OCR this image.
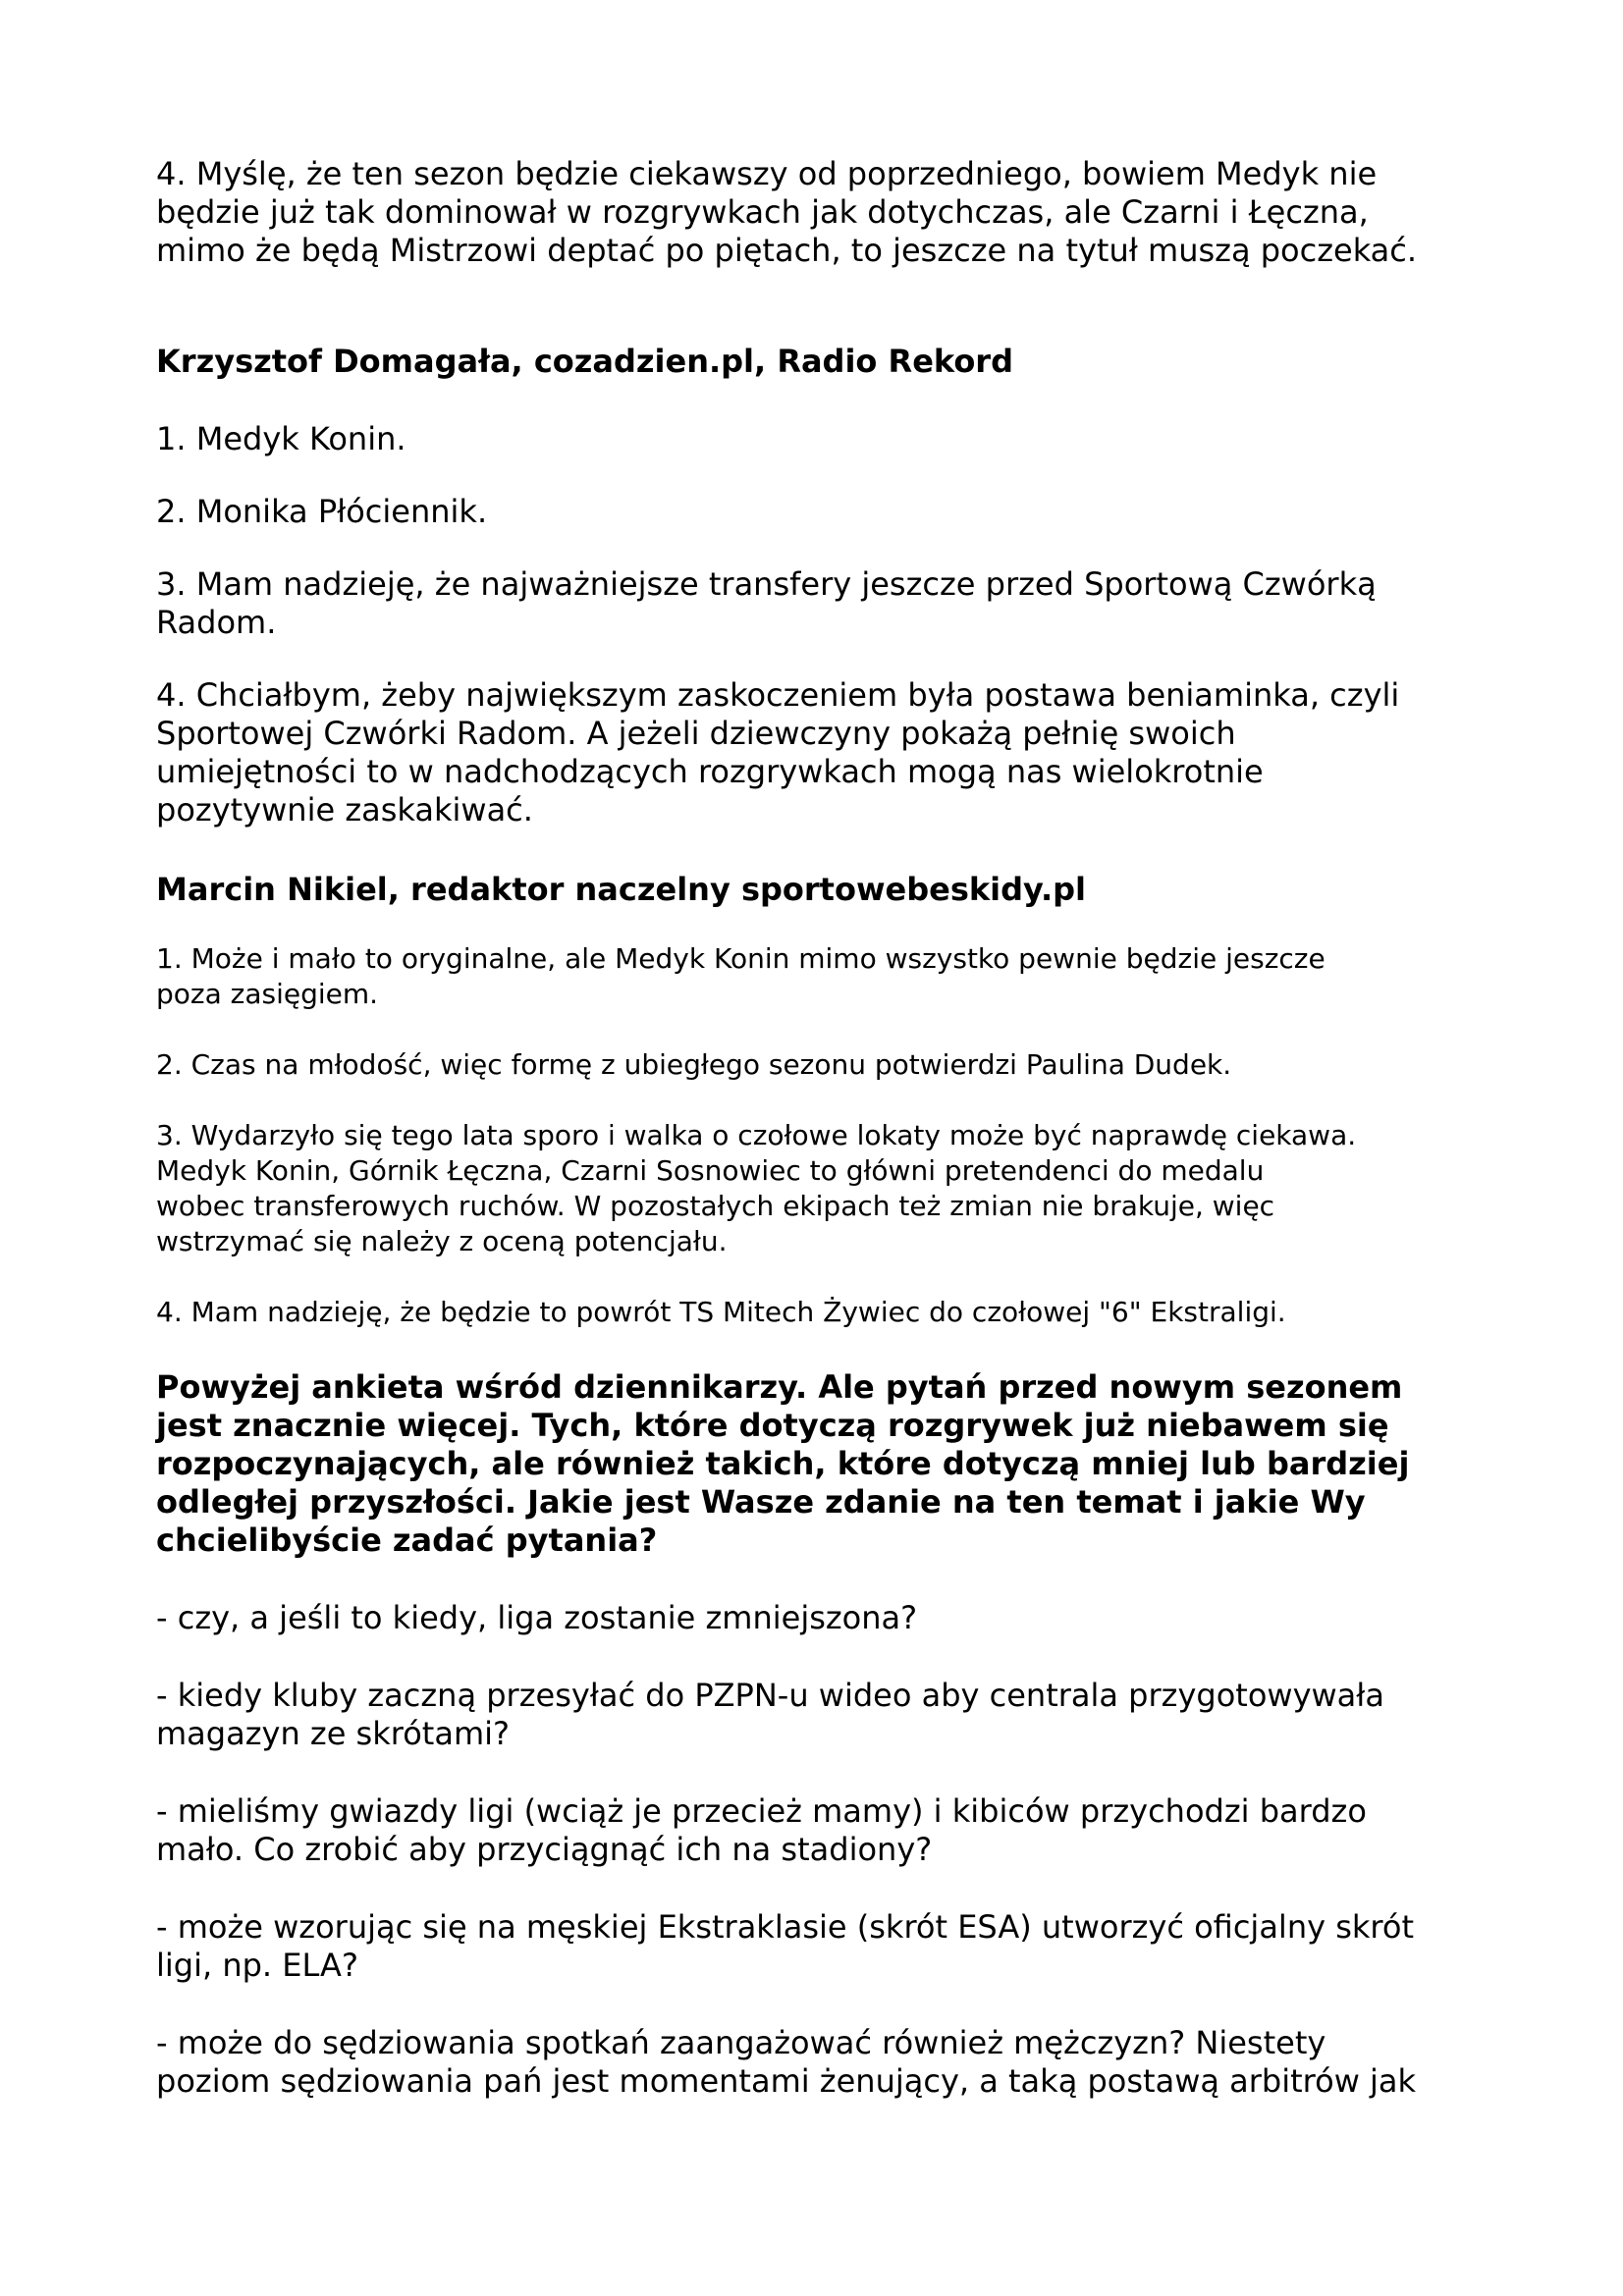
4. Myślę, że ten sezon będzie ciekawszy od poprzedniego, bowiem Medyk nie
będzie już tak dominował w rozgrywkach jak dotychczas, ale Czarni i Łęczna,
mimo że będą Mistrzowi deptać po piętach, to jeszcze na tytuł muszą poczekać.

Krzysztof Domagała, cozadzien.pl, Radio Rekord

1. Medyk Konin.

2. Monika Płóciennik.

3. Mam nadzieję, że najważniejsze transfery jeszcze przed Sportową Czwórką
Radom.

4. Chciałbym, żeby największym zaskoczeniem była postawa beniaminka, czyli
Sportowej Czwórki Radom. A jeżeli dziewczyny pokażą pełnię swoich
umiejętności to w nadchodzących rozgrywkach mogą nas wielokrotnie
pozytywnie zaskakiwać.

Marcin Nikiel, redaktor naczelny sportowebeskidy.pl

1. Może i mało to oryginalne, ale Medyk Konin mimo wszystko pewnie będzie jeszcze
poza zasięgiem.

2. Czas na młodość, więc formę z ubiegłego sezonu potwierdzi Paulina Dudek.

3. Wydarzyło się tego lata sporo i walka o czołowe lokaty może być naprawdę ciekawa.
Medyk Konin, Górnik Łęczna, Czarni Sosnowiec to główni pretendenci do medalu
wobec transferowych ruchów. W pozostałych ekipach też zmian nie brakuje, więc
wstrzymać się należy z oceną potencjału.

4. Mam nadzieję, że będzie to powrót TS Mitech Żywiec do czołowej "6" Ekstraligi.

Powyżej ankieta wśród dziennikarzy. Ale pytań przed nowym sezonem
jest znacznie więcej. Tych, które dotyczą rozgrywek już niebawem się
rozpoczynających, ale również takich, które dotyczą mniej lub bardziej
odległej przyszłości. Jakie jest Wasze zdanie na ten temat i jakie Wy
chcielibyście zadać pytania?

- czy, a jeśli to kiedy, liga zostanie zmniejszona?

- kiedy kluby zaczną przesyłać do PZPN-u wideo aby centrala przygotowywała
magazyn ze skrótami?

- mieliśmy gwiazdy ligi (wciąż je przecież mamy) i kibiców przychodzi bardzo
mało. Co zrobić aby przyciągnąć ich na stadiony?

- może wzorując się na męskiej Ekstraklasie (skrót ESA) utworzyć oficjalny skrót
ligi, np. ELA?

- może do sędziowania spotkań zaangażować również mężczyzn? Niestety
poziom sędziowania pań jest momentami żenujący, a taką postawą arbitrów jak
